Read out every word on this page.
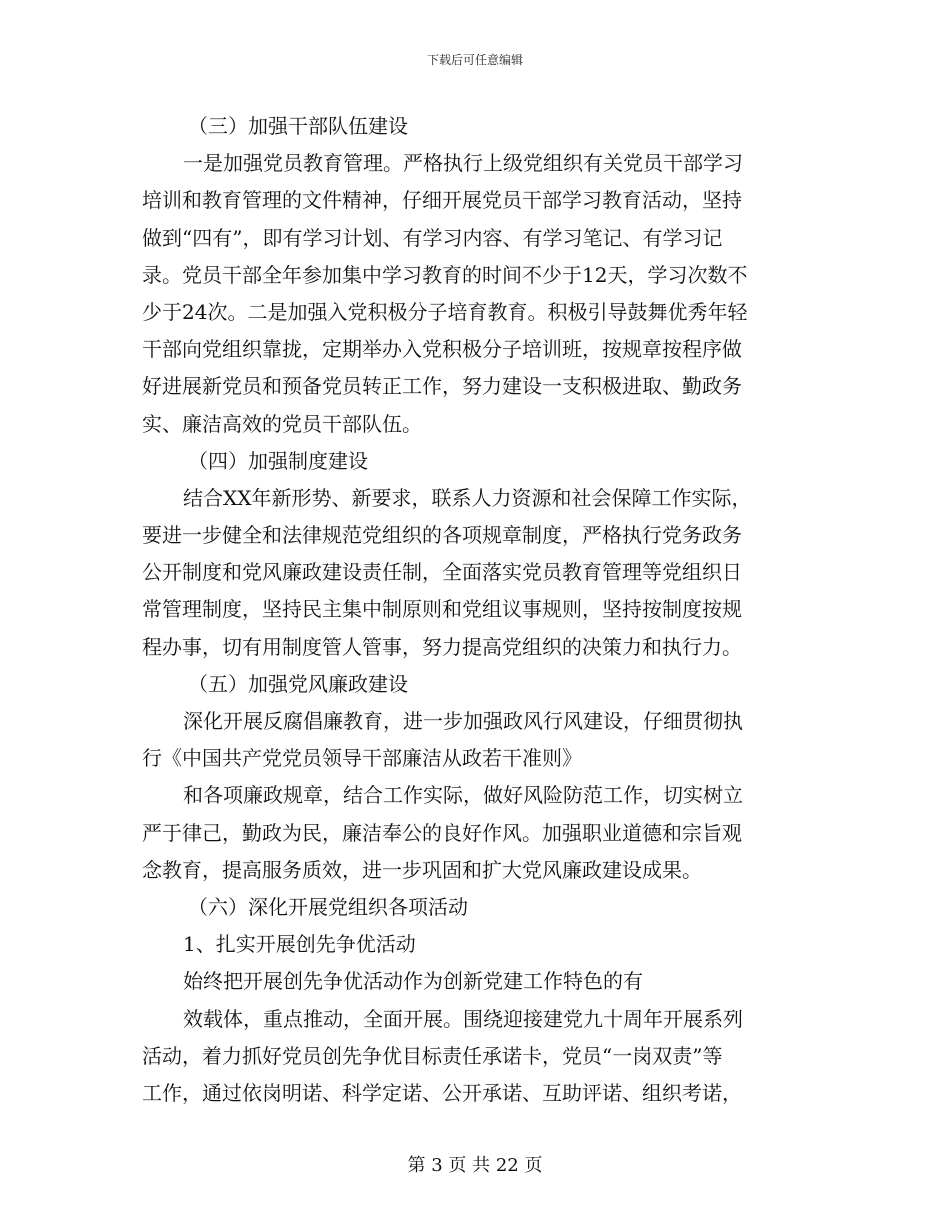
下载后可任意编辑

（三）加强干部队伍建设

一是加强党员教育管理。严格执行上级党组织有关党员干部学习

培训和教育管理的文件精神，仔细开展党员干部学习教育活动，坚持

做到“四有”，即有学习计划、有学习内容、有学习笔记、有学习记

录。党员干部全年参加集中学习教育的时间不少于12天，学习次数不

少于24次。二是加强入党积极分子培育教育。积极引导鼓舞优秀年轻

干部向党组织靠拢，定期举办入党积极分子培训班，按规章按程序做

好进展新党员和预备党员转正工作，努力建设一支积极进取、勤政务

实、廉洁高效的党员干部队伍。

（四）加强制度建设

结合XX年新形势、新要求，联系人力资源和社会保障工作实际，

要进一步健全和法律规范党组织的各项规章制度，严格执行党务政务

公开制度和党风廉政建设责任制，全面落实党员教育管理等党组织日

常管理制度，坚持民主集中制原则和党组议事规则，坚持按制度按规

程办事，切有用制度管人管事，努力提高党组织的决策力和执行力。

（五）加强党风廉政建设

深化开展反腐倡廉教育，进一步加强政风行风建设，仔细贯彻执

行《中国共产党党员领导干部廉洁从政若干准则》

和各项廉政规章，结合工作实际，做好风险防范工作，切实树立

严于律己，勤政为民，廉洁奉公的良好作风。加强职业道德和宗旨观

念教育，提高服务质效，进一步巩固和扩大党风廉政建设成果。

（六）深化开展党组织各项活动

1、扎实开展创先争优活动

始终把开展创先争优活动作为创新党建工作特色的有

效载体，重点推动，全面开展。围绕迎接建党九十周年开展系列

活动，着力抓好党员创先争优目标责任承诺卡，党员“一岗双责”等

工作，通过依岗明诺、科学定诺、公开承诺、互助评诺、组织考诺，

第 3 页 共 22 页
